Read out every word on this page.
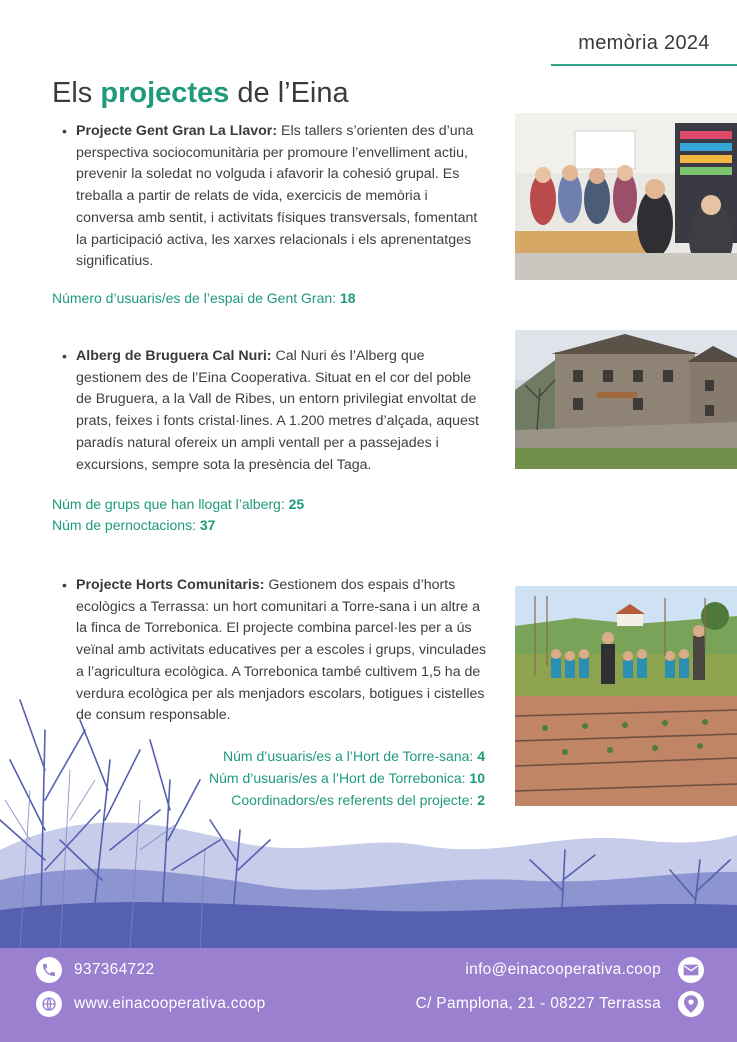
memòria 2024
Els projectes de l’Eina
• Projecte Gent Gran La Llavor: Els tallers s’orienten des d’una perspectiva sociocomunitària per promoure l’envelliment actiu, prevenir la soledat no volguda i afavorir la cohesió grupal. Es treballa a partir de relats de vida, exercicis de memòria i conversa amb sentit, i activitats físiques transversals, fomentant la participació activa, les xarxes relacionals i els aprenentatges significatius.
Número d’usuaris/es de l’espai de Gent Gran: 18
• Alberg de Bruguera Cal Nuri: Cal Nuri és l’Alberg que gestionem des de l’Eina Cooperativa. Situat en el cor del poble de Bruguera, a la Vall de Ribes, un entorn privilegiat envoltat de prats, feixes i fonts cristal·lines. A 1.200 metres d’alçada, aquest paradís natural ofereix un ampli ventall per a passejades i excursions, sempre sota la presència del Taga.
Núm de grups que han llogat l’alberg: 25
Núm de pernoctacions: 37
• Projecte Horts Comunitaris: Gestionem dos espais d’horts ecològics a Terrassa: un hort comunitari a Torre-sana i un altre a la finca de Torrebonica. El projecte combina parcel·les per a ús veïnal amb activitats educatives per a escoles i grups, vinculades a l’agricultura ecològica. A Torrebonica també cultivem 1,5 ha de verdura ecològica per als menjadors escolars, botigues i cistelles de consum responsable.
Núm d’usuaris/es a l’Hort de Torre-sana: 4
Núm d’usuaris/es a l’Hort de Torrebonica: 10
Coordinadors/es referents del projecte: 2
937364722
www.einacooperativa.coop
info@einacooperativa.coop
C/ Pamplona, 21 - 08227 Terrassa
